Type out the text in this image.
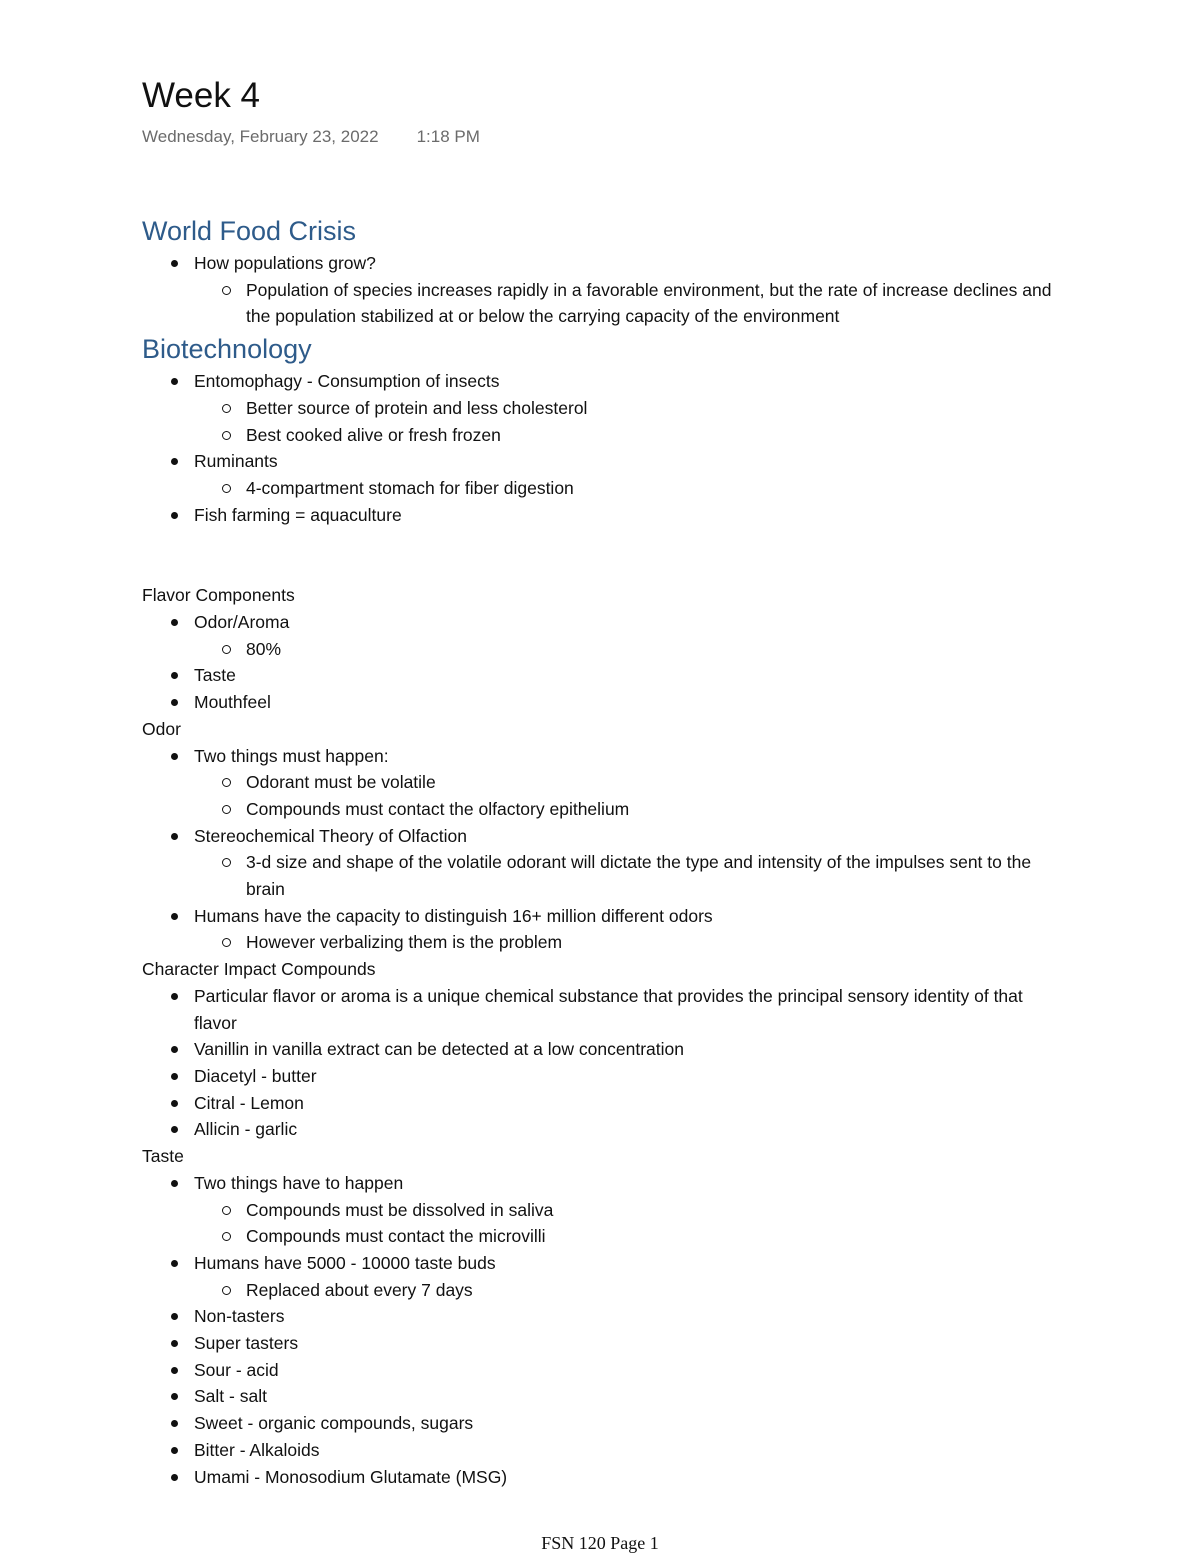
Week 4
Wednesday, February 23, 2022 1:18 PM
World Food Crisis
How populations grow?
Population of species increases rapidly in a favorable environment, but the rate of increase declines and the population stabilized at or below the carrying capacity of the environment
Biotechnology
Entomophagy - Consumption of insects
Better source of protein and less cholesterol
Best cooked alive or fresh frozen
Ruminants
4-compartment stomach for fiber digestion
Fish farming = aquaculture
Flavor Components
Odor/Aroma
80%
Taste
Mouthfeel
Odor
Two things must happen:
Odorant must be volatile
Compounds must contact the olfactory epithelium
Stereochemical Theory of Olfaction
3-d size and shape of the volatile odorant will dictate the type and intensity of the impulses sent to the brain
Humans have the capacity to distinguish 16+ million different odors
However verbalizing them is the problem
Character Impact Compounds
Particular flavor or aroma is a unique chemical substance that provides the principal sensory identity of that flavor
Vanillin in vanilla extract can be detected at a low concentration
Diacetyl - butter
Citral - Lemon
Allicin - garlic
Taste
Two things have to happen
Compounds must be dissolved in saliva
Compounds must contact the microvilli
Humans have 5000 - 10000 taste buds
Replaced about every 7 days
Non-tasters
Super tasters
Sour - acid
Salt - salt
Sweet - organic compounds, sugars
Bitter - Alkaloids
Umami - Monosodium Glutamate (MSG)
FSN 120 Page 1
